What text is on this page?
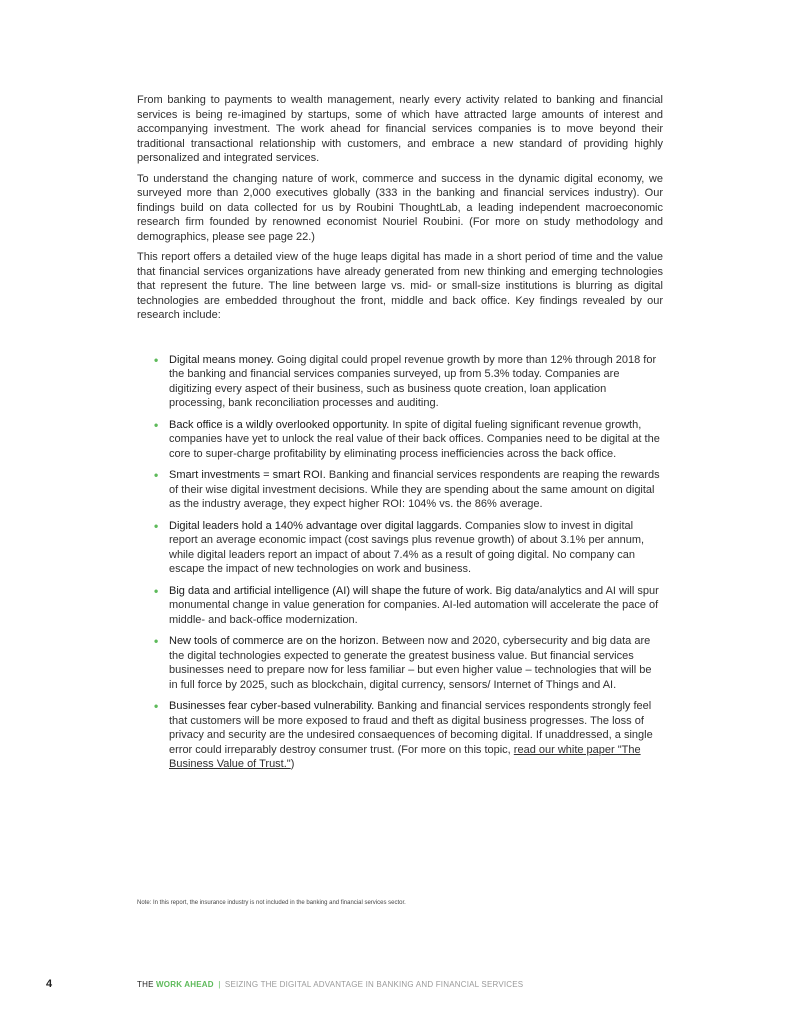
From banking to payments to wealth management, nearly every activity related to banking and financial services is being re-imagined by startups, some of which have attracted large amounts of interest and accompanying investment. The work ahead for financial services companies is to move beyond their traditional transactional relationship with customers, and embrace a new standard of providing highly personalized and integrated services.

To understand the changing nature of work, commerce and success in the dynamic digital economy, we surveyed more than 2,000 executives globally (333 in the banking and financial services industry). Our findings build on data collected for us by Roubini ThoughtLab, a leading independent macroeconomic research firm founded by renowned economist Nouriel Roubini. (For more on study methodology and demographics, please see page 22.)

This report offers a detailed view of the huge leaps digital has made in a short period of time and the value that financial services organizations have already generated from new thinking and emerging technologies that represent the future. The line between large vs. mid- or small-size institutions is blurring as digital technologies are embedded throughout the front, middle and back office. Key findings revealed by our research include:

• Digital means money. Going digital could propel revenue growth by more than 12% through 2018 for the banking and financial services companies surveyed, up from 5.3% today. Companies are digitizing every aspect of their business, such as business quote creation, loan application processing, bank reconciliation processes and auditing.
• Back office is a wildly overlooked opportunity. In spite of digital fueling significant revenue growth, companies have yet to unlock the real value of their back offices. Companies need to be digital at the core to super-charge profitability by eliminating process inefficiencies across the back office.
• Smart investments = smart ROI. Banking and financial services respondents are reaping the rewards of their wise digital investment decisions. While they are spending about the same amount on digital as the industry average, they expect higher ROI: 104% vs. the 86% average.
• Digital leaders hold a 140% advantage over digital laggards. Companies slow to invest in digital report an average economic impact (cost savings plus revenue growth) of about 3.1% per annum, while digital leaders report an impact of about 7.4% as a result of going digital. No company can escape the impact of new technologies on work and business.
• Big data and artificial intelligence (AI) will shape the future of work. Big data/analytics and AI will spur monumental change in value generation for companies. AI-led automation will accelerate the pace of middle- and back-office modernization.
• New tools of commerce are on the horizon. Between now and 2020, cybersecurity and big data are the digital technologies expected to generate the greatest business value. But financial services businesses need to prepare now for less familiar – but even higher value – technologies that will be in full force by 2025, such as blockchain, digital currency, sensors/ Internet of Things and AI.
• Businesses fear cyber-based vulnerability. Banking and financial services respondents strongly feel that customers will be more exposed to fraud and theft as digital business progresses. The loss of privacy and security are the undesired consaequences of becoming digital. If unaddressed, a single error could irreparably destroy consumer trust. (For more on this topic, read our white paper "The Business Value of Trust.")
Note: In this report, the insurance industry is not included in the banking and financial services sector.
4	THE WORK AHEAD | SEIZING THE DIGITAL ADVANTAGE IN BANKING AND FINANCIAL SERVICES
